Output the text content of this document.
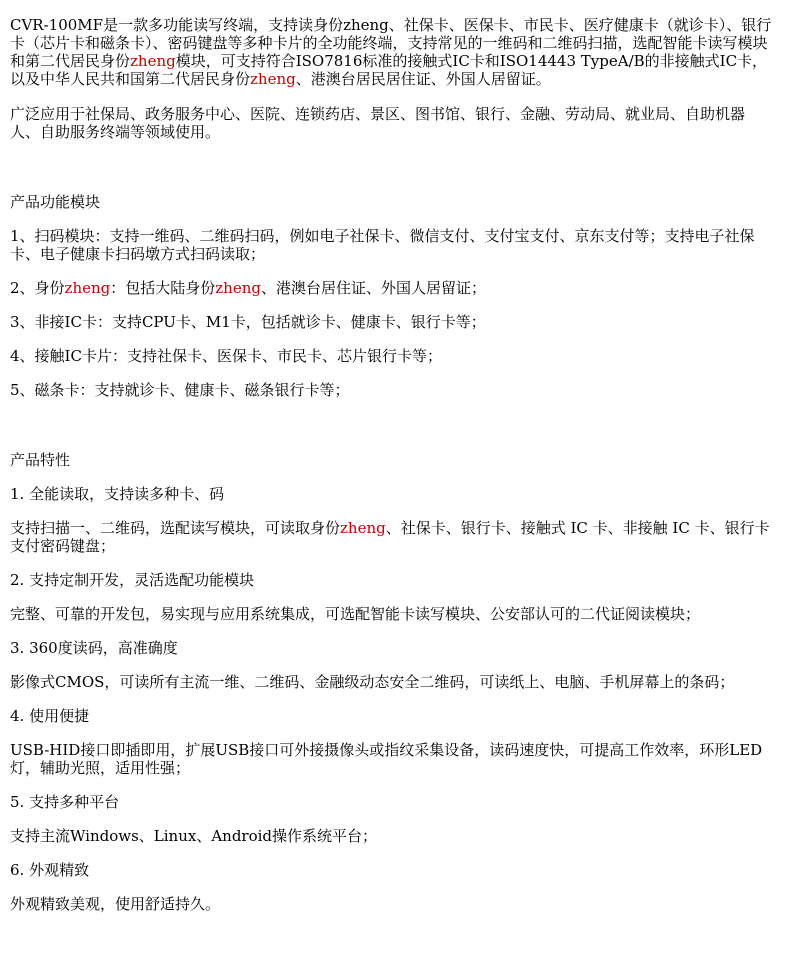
CVR-100MF是一款多功能读写终端，支持读身份zheng、社保卡、医保卡、市民卡、医疗健康卡（就诊卡）、银行卡（芯片卡和磁条卡）、密码键盘等多种卡片的全功能终端，支持常见的一维码和二维码扫描，选配智能卡读写模块和第二代居民身份zheng模块，可支持符合ISO7816标准的接触式IC卡和ISO14443 TypeA/B的非接触式IC卡，以及中华人民共和国第二代居民身份zheng、港澳台居民居住证、外国人居留证。

广泛应用于社保局、政务服务中心、医院、连锁药店、景区、图书馆、银行、金融、劳动局、就业局、自助机器人、自助服务终端等领域使用。

产品功能模块

1、扫码模块：支持一维码、二维码扫码，例如电子社保卡、微信支付、支付宝支付、京东支付等；支持电子社保卡、电子健康卡扫码墩方式扫码读取；

2、身份zheng：包括大陆身份zheng、港澳台居住证、外国人居留证；

3、非接IC卡：支持CPU卡、M1卡，包括就诊卡、健康卡、银行卡等；

4、接触IC卡片：支持社保卡、医保卡、市民卡、芯片银行卡等；

5、磁条卡：支持就诊卡、健康卡、磁条银行卡等；

产品特性

1. 全能读取，支持读多种卡、码

支持扫描一、二维码，选配读写模块，可读取身份zheng、社保卡、银行卡、接触式 IC 卡、非接触 IC 卡、银行卡支付密码键盘；

2. 支持定制开发，灵活选配功能模块

完整、可靠的开发包，易实现与应用系统集成，可选配智能卡读写模块、公安部认可的二代证阅读模块；

3. 360度读码，高准确度

影像式CMOS，可读所有主流一维、二维码、金融级动态安全二维码，可读纸上、电脑、手机屏幕上的条码；

4. 使用便捷

USB-HID接口即插即用，扩展USB接口可外接摄像头或指纹采集设备，读码速度快，可提高工作效率，环形LED灯，辅助光照，适用性强；

5. 支持多种平台

支持主流Windows、Linux、Android操作系统平台；

6. 外观精致

外观精致美观，使用舒适持久。
